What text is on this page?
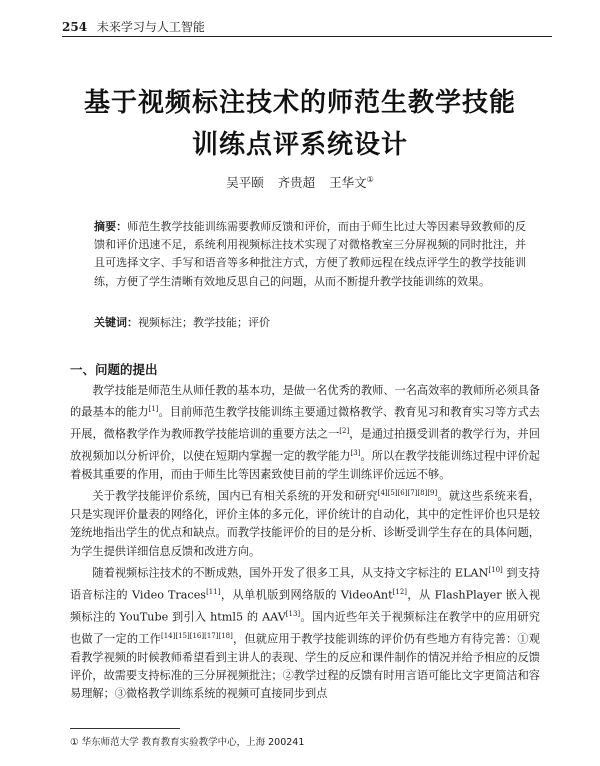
254 未来学习与人工智能
基于视频标注技术的师范生教学技能
训练点评系统设计
吴平颐 齐贵超 王华文①
摘要：师范生教学技能训练需要教师反馈和评价，而由于师生比过大等因素导致教师的反馈和评价迅速不足，系统利用视频标注技术实现了对微格教室三分屏视频的同时批注，并且可选择文字、手写和语音等多种批注方式，方便了教师远程在线点评学生的教学技能训练，方便了学生清晰有效地反思自己的问题，从而不断提升教学技能训练的效果。
关键词：视频标注；教学技能；评价
一、问题的提出

教学技能是师范生从师任教的基本功，是做一名优秀的教师、一名高效率的教师所必须具备的最基本的能力[1]。目前师范生教学技能训练主要通过微格教学、教育见习和教育实习等方式去开展，微格教学作为教师教学技能培训的重要方法之一[2]，是通过拍摄受训者的教学行为，并回放视频加以分析评价，以使在短期内掌握一定的教学能力[3]。所以在教学技能训练过程中评价起着极其重要的作用，而由于师生比等因素致使目前的学生训练评价远远不够。

关于教学技能评价系统，国内已有相关系统的开发和研究[4][5][6][7][8][9]。就这些系统来看，只是实现评价量表的网络化，评价主体的多元化，评价统计的自动化，其中的定性评价也只是较笼统地指出学生的优点和缺点。而教学技能评价的目的是分析、诊断受训学生存在的具体问题，为学生提供详细信息反馈和改进方向。

随着视频标注技术的不断成熟，国外开发了很多工具，从支持文字标注的 ELAN[10] 到支持语音标注的 Video Traces[11]，从单机版到网络版的 VideoAnt[12]，从 FlashPlayer 嵌入视频标注的 YouTube 到引入 html5 的 AAV[13]。国内近些年关于视频标注在教学中的应用研究也做了一定的工作[14][15][16][17][18]，但就应用于教学技能训练的评价仍有些地方有待完善：①观看教学视频的时候教师希望看到主讲人的表现、学生的反应和课件制作的情况并给予相应的反馈评价，故需要支持标准的三分屏视频批注；②教学过程的反馈有时用言语可能比文字更简洁和容易理解；③微格教学训练系统的视频可直接同步到点

① 华东师范大学 教育教育实验教学中心，上海 200241
